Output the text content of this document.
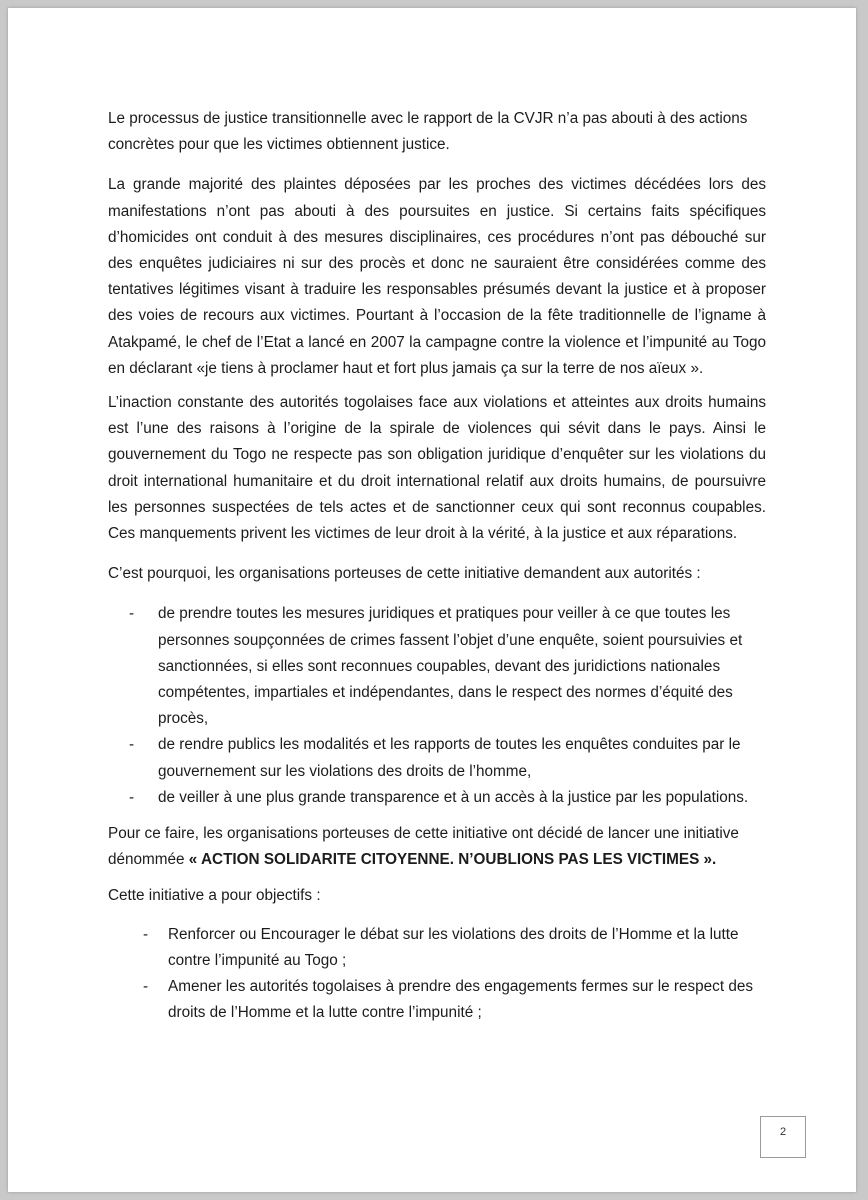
Le processus de justice transitionnelle avec le rapport de la CVJR n’a pas abouti à des actions concrètes pour que les victimes obtiennent justice.

La grande majorité des plaintes déposées par les proches des victimes décédées lors des manifestations n’ont pas abouti à des poursuites en justice. Si certains faits spécifiques d’homicides ont conduit à des mesures disciplinaires, ces procédures n’ont pas débouché sur des enquêtes judiciaires ni sur des procès et donc ne sauraient être considérées comme des tentatives légitimes visant à traduire les responsables présumés devant la justice et à proposer des voies de recours aux victimes. Pourtant à l’occasion de la fête traditionnelle de l’igname à Atakpamé, le chef de l’Etat a lancé en 2007 la campagne contre la violence et l’impunité au Togo en déclarant «je tiens à proclamer haut et fort plus jamais ça sur la terre de nos aïeux ».

L’inaction constante des autorités togolaises face aux violations et atteintes aux droits humains est l’une des raisons à l’origine de la spirale de violences qui sévit dans le pays. Ainsi le gouvernement du Togo ne respecte pas son obligation juridique d’enquêter sur les violations du droit international humanitaire et du droit international relatif aux droits humains, de poursuivre les personnes suspectées de tels actes et de sanctionner ceux qui sont reconnus coupables. Ces manquements privent les victimes de leur droit à la vérité, à la justice et aux réparations.

C’est pourquoi, les organisations porteuses de cette initiative demandent aux autorités :

- de prendre toutes les mesures juridiques et pratiques pour veiller à ce que toutes les personnes soupçonnées de crimes fassent l’objet d’une enquête, soient poursuivies et sanctionnées, si elles sont reconnues coupables, devant des juridictions nationales compétentes, impartiales et indépendantes, dans le respect des normes d’équité des procès,
- de rendre publics les modalités et les rapports de toutes les enquêtes conduites par le gouvernement sur les violations des droits de l’homme,
- de veiller à une plus grande transparence et à un accès à la justice par les populations.

Pour ce faire, les organisations porteuses de cette initiative ont décidé de lancer une initiative dénommée « ACTION SOLIDARITE CITOYENNE. N’OUBLIONS PAS LES VICTIMES ».

Cette initiative a pour objectifs :

- Renforcer ou Encourager le débat sur les violations des droits de l’Homme et la lutte contre l’impunité au Togo ;
- Amener les autorités togolaises à prendre des engagements fermes sur le respect des droits de l’Homme et la lutte contre l’impunité ;
2
